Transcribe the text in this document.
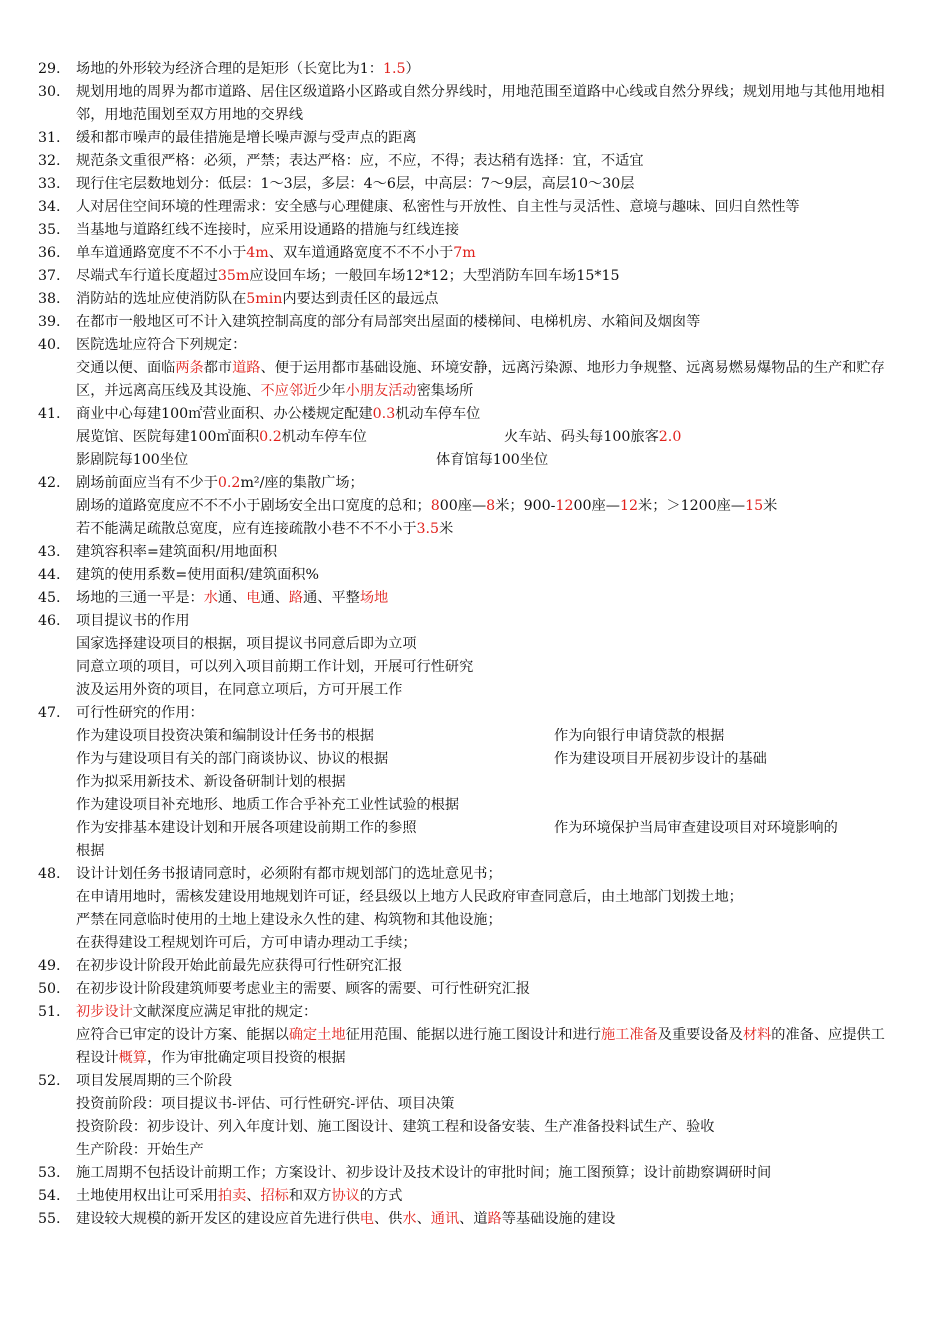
29.	场地的外形较为经济合理的是矩形（长宽比为1：1.5）
30.	规划用地的周界为都市道路、居住区级道路小区路或自然分界线时，用地范围至道路中心线或自然分界线；规划用地与其他用地相邻，用地范围划至双方用地的交界线
31.	缓和都市噪声的最佳措施是增长噪声源与受声点的距离
32.	规范条文重很严格：必须，严禁；表达严格：应，不应，不得；表达稍有选择：宜，不适宜
33.	现行住宅层数地划分：低层：1～3层，多层：4～6层，中高层：7～9层，高层10～30层
34.	人对居住空间环境的性理需求：安全感与心理健康、私密性与开放性、自主性与灵活性、意境与趣味、回归自然性等
35.	当基地与道路红线不连接时，应采用设通路的措施与红线连接
36.	单车道通路宽度不不不小于4m、双车道通路宽度不不不小于7m
37.	尽端式车行道长度超过35m应设回车场；一般回车场12*12；大型消防车回车场15*15
38.	消防站的选址应使消防队在5min内要达到责任区的最远点
39.	在都市一般地区可不计入建筑控制高度的部分有局部突出屋面的楼梯间、电梯机房、水箱间及烟囱等
40.	医院选址应符合下列规定：
交通以便、面临两条都市道路、便于运用都市基础设施、环境安静，远离污染源、地形力争规整、远离易燃易爆物品的生产和贮存区，并远离高压线及其设施、不应邻近少年小朋友活动密集场所
41.	商业中心每建100㎡营业面积、办公楼规定配建0.3机动车停车位
展览馆、医院每建100㎡面积0.2机动车停车位	火车站、码头每100旅客2.0
影剧院每100坐位	体育馆每100坐位
42.	剧场前面应当有不少于0.2m²/座的集散广场；
剧场的道路宽度应不不不小于剧场安全出口宽度的总和；800座—8米；900-1200座—12米；＞1200座—15米
若不能满足疏散总宽度，应有连接疏散小巷不不不小于3.5米
43.	建筑容积率=建筑面积/用地面积
44.	建筑的使用系数=使用面积/建筑面积%
45.	场地的三通一平是：水通、电通、路通、平整场地
46.	项目提议书的作用
国家选择建设项目的根据，项目提议书同意后即为立项
同意立项的项目，可以列入项目前期工作计划，开展可行性研究
波及运用外资的项目，在同意立项后，方可开展工作
47.	可行性研究的作用：
作为建设项目投资决策和编制设计任务书的根据	作为向银行申请贷款的根据
作为与建设项目有关的部门商谈协议、协议的根据	作为建设项目开展初步设计的基础
作为拟采用新技术、新设备研制计划的根据
作为建设项目补充地形、地质工作合乎补充工业性试验的根据
作为安排基本建设计划和开展各项建设前期工作的参照	作为环境保护当局审查建设项目对环境影响的
根据
48.	设计计划任务书报请同意时，必须附有都市规划部门的选址意见书；
在申请用地时，需核发建设用地规划许可证，经县级以上地方人民政府审查同意后，由土地部门划拨土地；
严禁在同意临时使用的土地上建设永久性的建、构筑物和其他设施；
在获得建设工程规划许可后，方可申请办理动工手续；
49.	在初步设计阶段开始此前最先应获得可行性研究汇报
50.	在初步设计阶段建筑师要考虑业主的需要、顾客的需要、可行性研究汇报
51.	初步设计文献深度应满足审批的规定：
应符合已审定的设计方案、能据以确定土地征用范围、能据以进行施工图设计和进行施工准备及重要设备及材料的准备、应提供工程设计概算，作为审批确定项目投资的根据
52.	项目发展周期的三个阶段
投资前阶段：项目提议书-评估、可行性研究-评估、项目决策
投资阶段：初步设计、列入年度计划、施工图设计、建筑工程和设备安装、生产准备投料试生产、验收
生产阶段：开始生产
53.	施工周期不包括设计前期工作；方案设计、初步设计及技术设计的审批时间；施工图预算；设计前勘察调研时间
54.	土地使用权出让可采用拍卖、招标和双方协议的方式
55.	建设较大规模的新开发区的建设应首先进行供电、供水、通讯、道路等基础设施的建设
